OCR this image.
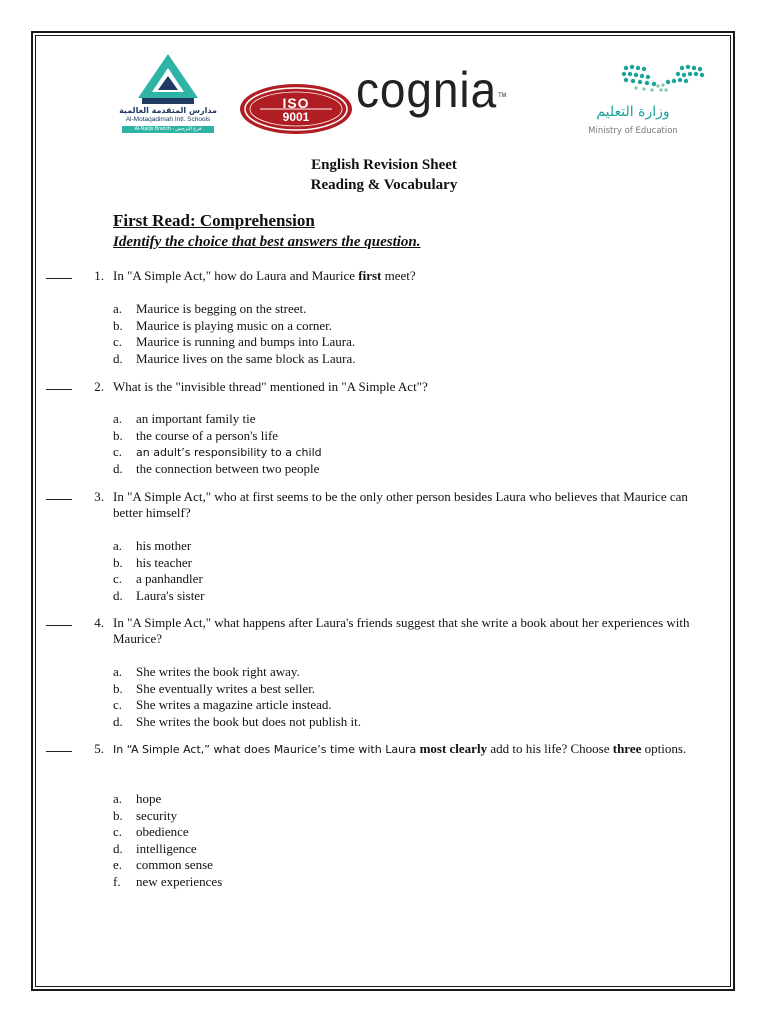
مدارس المتقدمة العالمية
Al-Motaqadimah Intl. Schools
Al-Narjis Branch - فرع النرجس
ISO
9001 cognia TM
وزارة التعليم
Ministry of Education
English Revision Sheet
Reading & Vocabulary
First Read: Comprehension
Identify the choice that best answers the question.
1. In "A Simple Act," how do Laura and Maurice first meet?
a. Maurice is begging on the street.
b. Maurice is playing music on a corner.
c. Maurice is running and bumps into Laura.
d. Maurice lives on the same block as Laura.
2. What is the "invisible thread" mentioned in "A Simple Act"?
a. an important family tie
b. the course of a person's life
c. an adult’s responsibility to a child
d. the connection between two people
3. In "A Simple Act," who at first seems to be the only other person besides Laura who believes that Maurice can better himself?
a. his mother
b. his teacher
c. a panhandler
d. Laura's sister
4. In "A Simple Act," what happens after Laura's friends suggest that she write a book about her experiences with Maurice?
a. She writes the book right away.
b. She eventually writes a best seller.
c. She writes a magazine article instead.
d. She writes the book but does not publish it.
5. In “A Simple Act,” what does Maurice’s time with Laura most clearly add to his life? Choose three options.
a. hope
b. security
c. obedience
d. intelligence
e. common sense
f. new experiences
